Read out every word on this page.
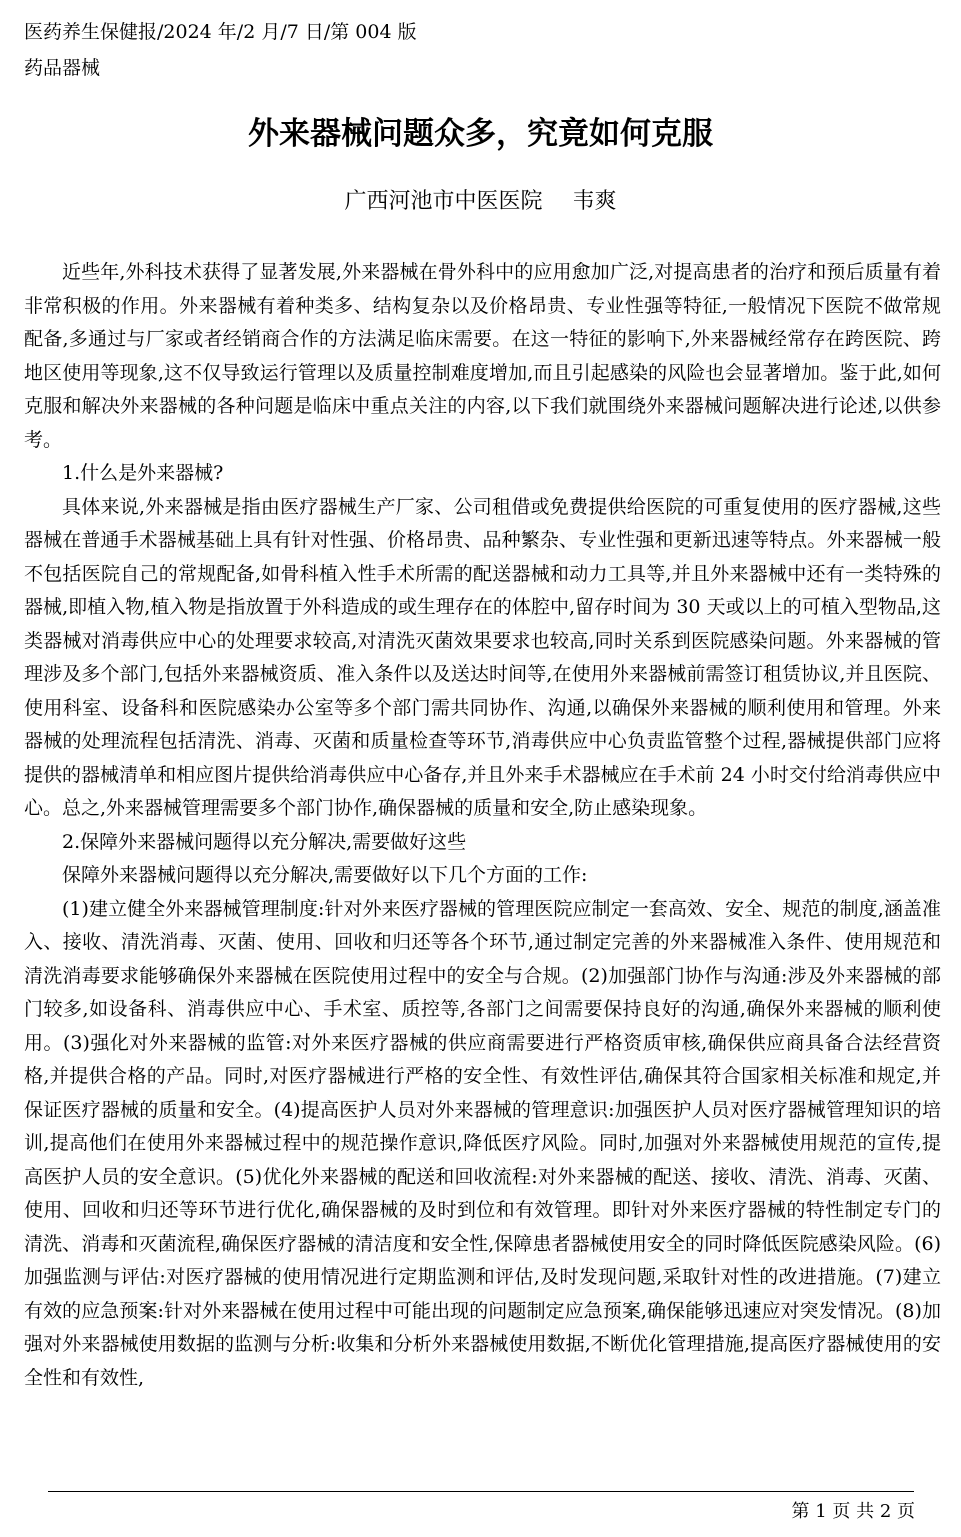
医药养生保健报/2024 年/2 月/7 日/第 004 版
药品器械
外来器械问题众多，究竟如何克服
广西河池市中医医院 韦爽

近些年,外科技术获得了显著发展,外来器械在骨外科中的应用愈加广泛,对提高患者的治疗和预后质量有着非常积极的作用。外来器械有着种类多、结构复杂以及价格昂贵、专业性强等特征,一般情况下医院不做常规配备,多通过与厂家或者经销商合作的方法满足临床需要。在这一特征的影响下,外来器械经常存在跨医院、跨地区使用等现象,这不仅导致运行管理以及质量控制难度增加,而且引起感染的风险也会显著增加。鉴于此,如何克服和解决外来器械的各种问题是临床中重点关注的内容,以下我们就围绕外来器械问题解决进行论述,以供参考。

1.什么是外来器械?

具体来说,外来器械是指由医疗器械生产厂家、公司租借或免费提供给医院的可重复使用的医疗器械,这些器械在普通手术器械基础上具有针对性强、价格昂贵、品种繁杂、专业性强和更新迅速等特点。外来器械一般不包括医院自己的常规配备,如骨科植入性手术所需的配送器械和动力工具等,并且外来器械中还有一类特殊的器械,即植入物,植入物是指放置于外科造成的或生理存在的体腔中,留存时间为 30 天或以上的可植入型物品,这类器械对消毒供应中心的处理要求较高,对清洗灭菌效果要求也较高,同时关系到医院感染问题。外来器械的管理涉及多个部门,包括外来器械资质、准入条件以及送达时间等,在使用外来器械前需签订租赁协议,并且医院、使用科室、设备科和医院感染办公室等多个部门需共同协作、沟通,以确保外来器械的顺利使用和管理。外来器械的处理流程包括清洗、消毒、灭菌和质量检查等环节,消毒供应中心负责监管整个过程,器械提供部门应将提供的器械清单和相应图片提供给消毒供应中心备存,并且外来手术器械应在手术前 24 小时交付给消毒供应中心。总之,外来器械管理需要多个部门协作,确保器械的质量和安全,防止感染现象。

2.保障外来器械问题得以充分解决,需要做好这些

保障外来器械问题得以充分解决,需要做好以下几个方面的工作:

(1)建立健全外来器械管理制度:针对外来医疗器械的管理医院应制定一套高效、安全、规范的制度,涵盖准入、接收、清洗消毒、灭菌、使用、回收和归还等各个环节,通过制定完善的外来器械准入条件、使用规范和清洗消毒要求能够确保外来器械在医院使用过程中的安全与合规。(2)加强部门协作与沟通:涉及外来器械的部门较多,如设备科、消毒供应中心、手术室、质控等,各部门之间需要保持良好的沟通,确保外来器械的顺利使用。(3)强化对外来器械的监管:对外来医疗器械的供应商需要进行严格资质审核,确保供应商具备合法经营资格,并提供合格的产品。同时,对医疗器械进行严格的安全性、有效性评估,确保其符合国家相关标准和规定,并保证医疗器械的质量和安全。(4)提高医护人员对外来器械的管理意识:加强医护人员对医疗器械管理知识的培训,提高他们在使用外来器械过程中的规范操作意识,降低医疗风险。同时,加强对外来器械使用规范的宣传,提高医护人员的安全意识。(5)优化外来器械的配送和回收流程:对外来器械的配送、接收、清洗、消毒、灭菌、使用、回收和归还等环节进行优化,确保器械的及时到位和有效管理。即针对外来医疗器械的特性制定专门的清洗、消毒和灭菌流程,确保医疗器械的清洁度和安全性,保障患者器械使用安全的同时降低医院感染风险。(6)加强监测与评估:对医疗器械的使用情况进行定期监测和评估,及时发现问题,采取针对性的改进措施。(7)建立有效的应急预案:针对外来器械在使用过程中可能出现的问题制定应急预案,确保能够迅速应对突发情况。(8)加强对外来器械使用数据的监测与分析:收集和分析外来器械使用数据,不断优化管理措施,提高医疗器械使用的安全性和有效性,

第 1 页 共 2 页
